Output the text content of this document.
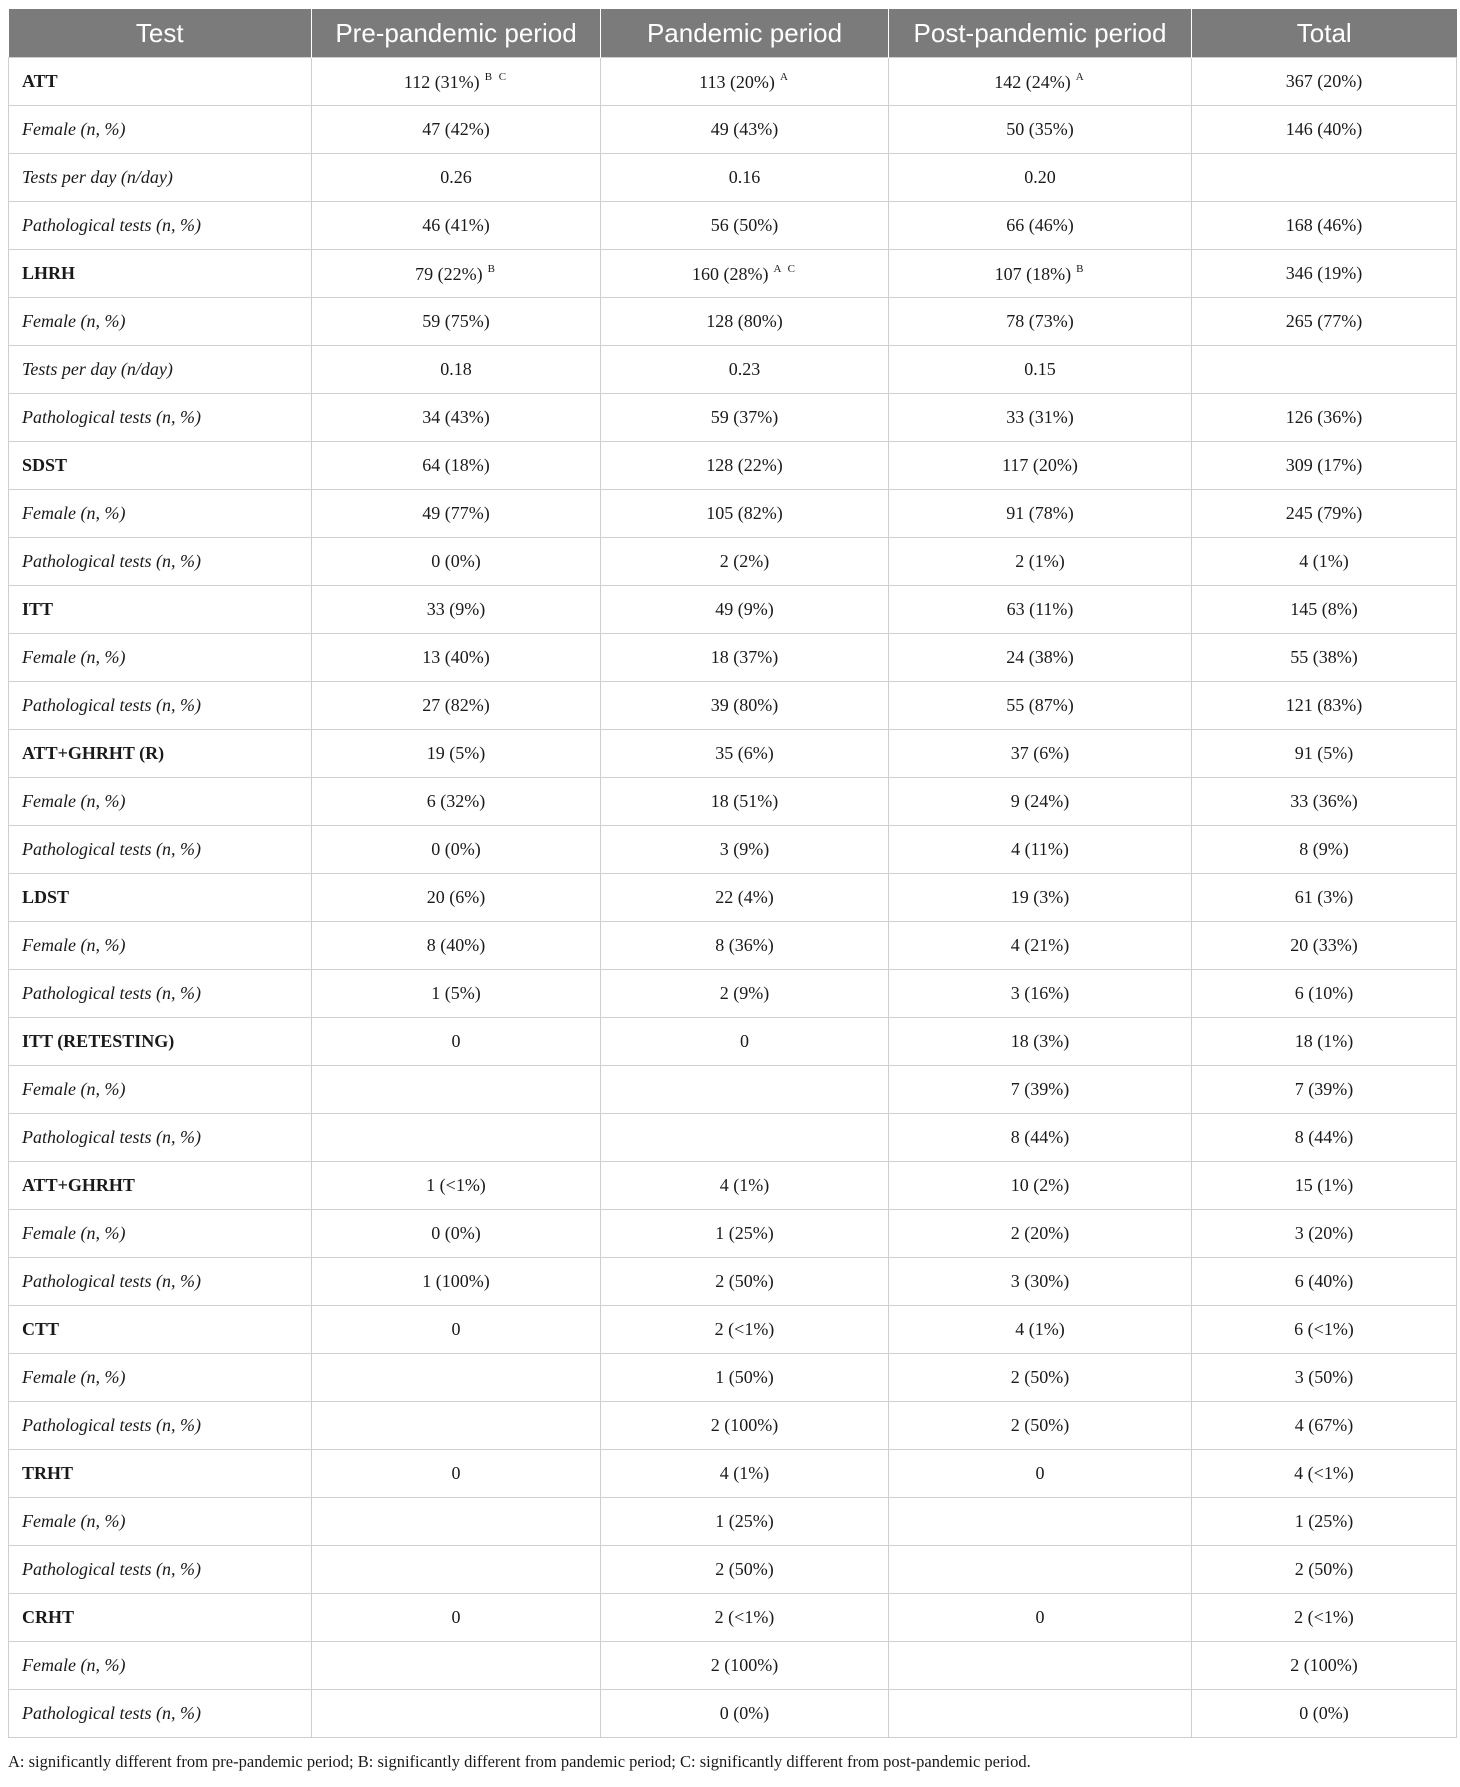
Test	Pre-pandemic period	Pandemic period	Post-pandemic period	Total
ATT	112 (31%) $^{B C}$	113 (20%) $^A$	142 (24%) $^A$	367 (20%)
Female (n, %)	47 (42%)	49 (43%)	50 (35%)	146 (40%)
Tests per day (n/day)	0.26	0.16	0.20	
Pathological tests (n, %)	46 (41%)	56 (50%)	66 (46%)	168 (46%)
LHRH	79 (22%) $^B$	160 (28%) $^{A C}$	107 (18%) $^B$	346 (19%)
Female (n, %)	59 (75%)	128 (80%)	78 (73%)	265 (77%)
Tests per day (n/day)	0.18	0.23	0.15	
Pathological tests (n, %)	34 (43%)	59 (37%)	33 (31%)	126 (36%)
SDST	64 (18%)	128 (22%)	117 (20%)	309 (17%)
Female (n, %)	49 (77%)	105 (82%)	91 (78%)	245 (79%)
Pathological tests (n, %)	0 (0%)	2 (2%)	2 (1%)	4 (1%)
ITT	33 (9%)	49 (9%)	63 (11%)	145 (8%)
Female (n, %)	13 (40%)	18 (37%)	24 (38%)	55 (38%)
Pathological tests (n, %)	27 (82%)	39 (80%)	55 (87%)	121 (83%)
ATT+GHRHT (R)	19 (5%)	35 (6%)	37 (6%)	91 (5%)
Female (n, %)	6 (32%)	18 (51%)	9 (24%)	33 (36%)
Pathological tests (n, %)	0 (0%)	3 (9%)	4 (11%)	8 (9%)
LDST	20 (6%)	22 (4%)	19 (3%)	61 (3%)
Female (n, %)	8 (40%)	8 (36%)	4 (21%)	20 (33%)
Pathological tests (n, %)	1 (5%)	2 (9%)	3 (16%)	6 (10%)
ITT (RETESTING)	0	0	18 (3%)	18 (1%)
Female (n, %)			7 (39%)	7 (39%)
Pathological tests (n, %)			8 (44%)	8 (44%)
ATT+GHRHT	1 (<1%)	4 (1%)	10 (2%)	15 (1%)
Female (n, %)	0 (0%)	1 (25%)	2 (20%)	3 (20%)
Pathological tests (n, %)	1 (100%)	2 (50%)	3 (30%)	6 (40%)
CTT	0	2 (<1%)	4 (1%)	6 (<1%)
Female (n, %)		1 (50%)	2 (50%)	3 (50%)
Pathological tests (n, %)		2 (100%)	2 (50%)	4 (67%)
TRHT	0	4 (1%)	0	4 (<1%)
Female (n, %)		1 (25%)		1 (25%)
Pathological tests (n, %)		2 (50%)		2 (50%)
CRHT	0	2 (<1%)	0	2 (<1%)
Female (n, %)		2 (100%)		2 (100%)
Pathological tests (n, %)		0 (0%)		0 (0%)
A: significantly different from pre-pandemic period; B: significantly different from pandemic period; C: significantly different from post-pandemic period.
